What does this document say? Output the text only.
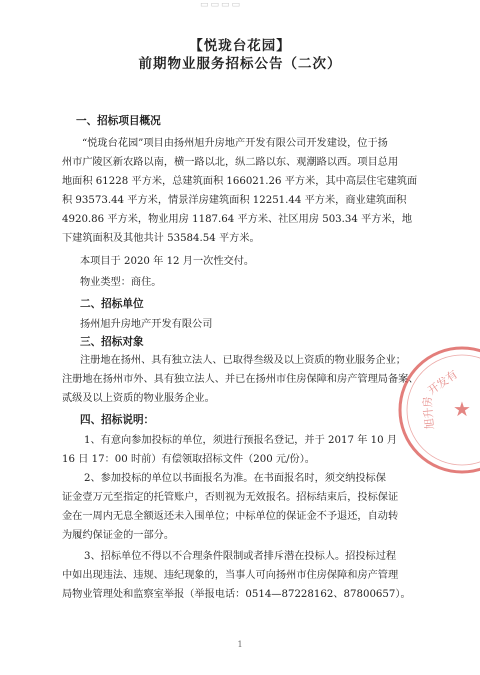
▭▭▭▭
【悦珑台花园】
前期物业服务招标公告（二次）
一、招标项目概况
“悦珑台花园”项目由扬州旭升房地产开发有限公司开发建设，位于扬
州市广陵区新农路以南，横一路以北，纵二路以东、观潮路以西。项目总用
地面积 61228 平方米，总建筑面积 166021.26 平方米，其中高层住宅建筑面
积 93573.44 平方米，情景洋房建筑面积 12251.44 平方米，商业建筑面积
4920.86 平方米，物业用房 1187.64 平方米、社区用房 503.34 平方米，地
下建筑面积及其他共计 53584.54 平方米。
本项目于 2020 年 12 月一次性交付。
物业类型：商住。
二、招标单位
扬州旭升房地产开发有限公司
三、招标对象
注册地在扬州、具有独立法人、已取得叁级及以上资质的物业服务企业；
注册地在扬州市外、具有独立法人、并已在扬州市住房保障和房产管理局备案、
贰级及以上资质的物业服务企业。
四、招标说明：
1、有意向参加投标的单位，须进行预报名登记，并于 2017 年 10 月
16 日 17：00 时前）有偿领取招标文件（200 元/份）。
2、参加投标的单位以书面报名为准。在书面报名时，须交纳投标保
证金壹万元至指定的托管账户，否则视为无效报名。招标结束后，投标保证
金在一周内无息全额返还未入围单位；中标单位的保证金不予退还，自动转
为履约保证金的一部分。
3、招标单位不得以不合理条件限制或者排斥潜在投标人。招投标过程
中如出现违法、违规、违纪现象的，当事人可向扬州市住房保障和房产管理
局物业管理处和监察室举报（举报电话：0514—87228162、87800657）。
1
★
开发有
旭升房
